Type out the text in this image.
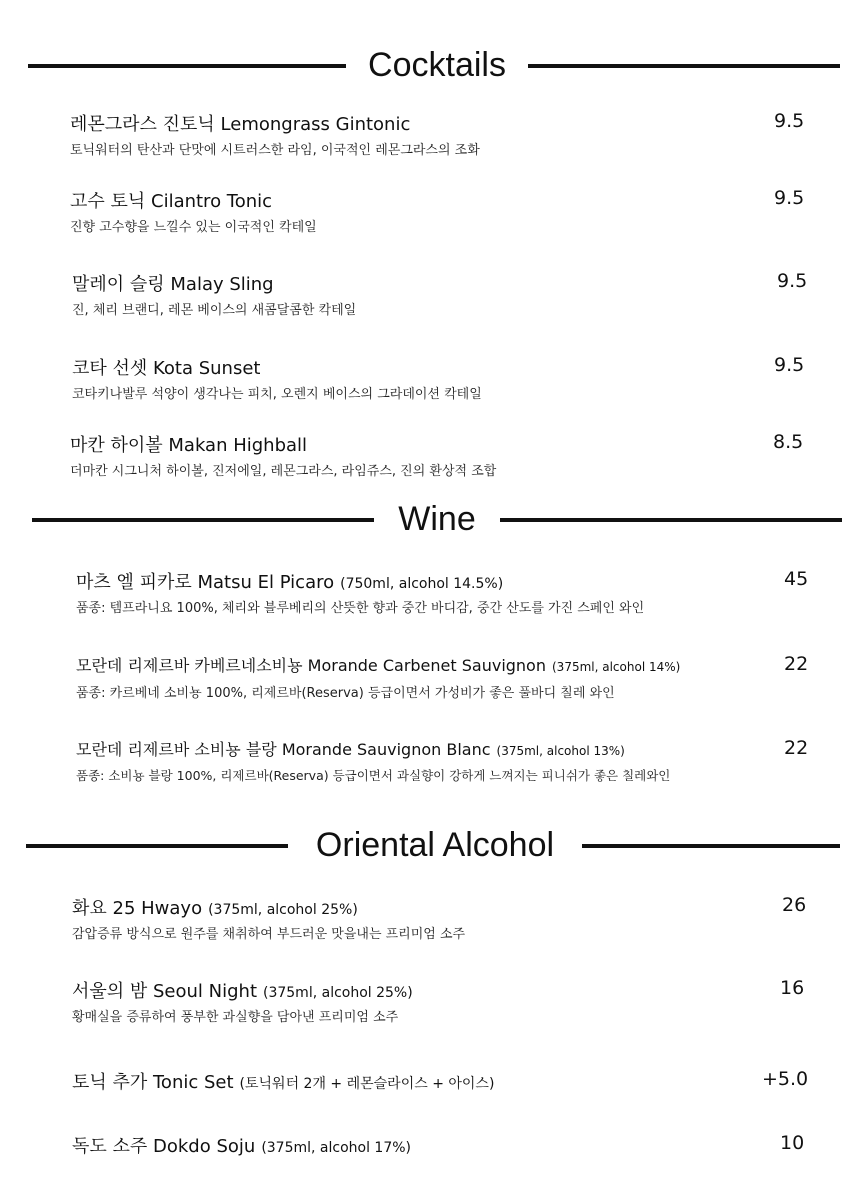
Cocktails
레몬그라스 진토닉 Lemongrass Gintonic	9.5
토닉워터의 탄산과 단맛에 시트러스한 라임, 이국적인 레몬그라스의 조화
고수 토닉 Cilantro Tonic	9.5
진향 고수향을 느낄수 있는 이국적인 칵테일
말레이 슬링 Malay Sling	9.5
진, 체리 브랜디, 레몬 베이스의 새콤달콤한 칵테일
코타 선셋 Kota Sunset	9.5
코타키나발루 석양이 생각나는 피치, 오렌지 베이스의 그라데이션 칵테일
마칸 하이볼 Makan Highball	8.5
더마칸 시그니처 하이볼, 진저에일, 레몬그라스, 라임쥬스, 진의 환상적 조합
Wine
마츠 엘 피카로 Matsu El Picaro (750ml, alcohol 14.5%)	45
품종: 템프라니요 100%, 체리와 블루베리의 산뜻한 향과 중간 바디감, 중간 산도를 가진 스페인 와인
모란데 리제르바 카베르네소비뇽 Morande Carbenet Sauvignon (375ml, alcohol 14%)	22
품종: 카르베네 소비뇽 100%, 리제르바(Reserva) 등급이면서 가성비가 좋은 풀바디 칠레 와인
모란데 리제르바 소비뇽 블랑 Morande Sauvignon Blanc (375ml, alcohol 13%)	22
품종: 소비뇽 블랑 100%, 리제르바(Reserva) 등급이면서 과실향이 강하게 느껴지는 피니쉬가 좋은 칠레와인
Oriental Alcohol
화요 25 Hwayo (375ml, alcohol 25%)	26
감압증류 방식으로 원주를 채취하여 부드러운 맛을내는 프리미엄 소주
서울의 밤 Seoul Night (375ml, alcohol 25%)	16
황매실을 증류하여 풍부한 과실향을 담아낸 프리미엄 소주
토닉 추가 Tonic Set (토닉워터 2개 + 레몬슬라이스 + 아이스)	+5.0
독도 소주 Dokdo Soju (375ml, alcohol 17%)	10
